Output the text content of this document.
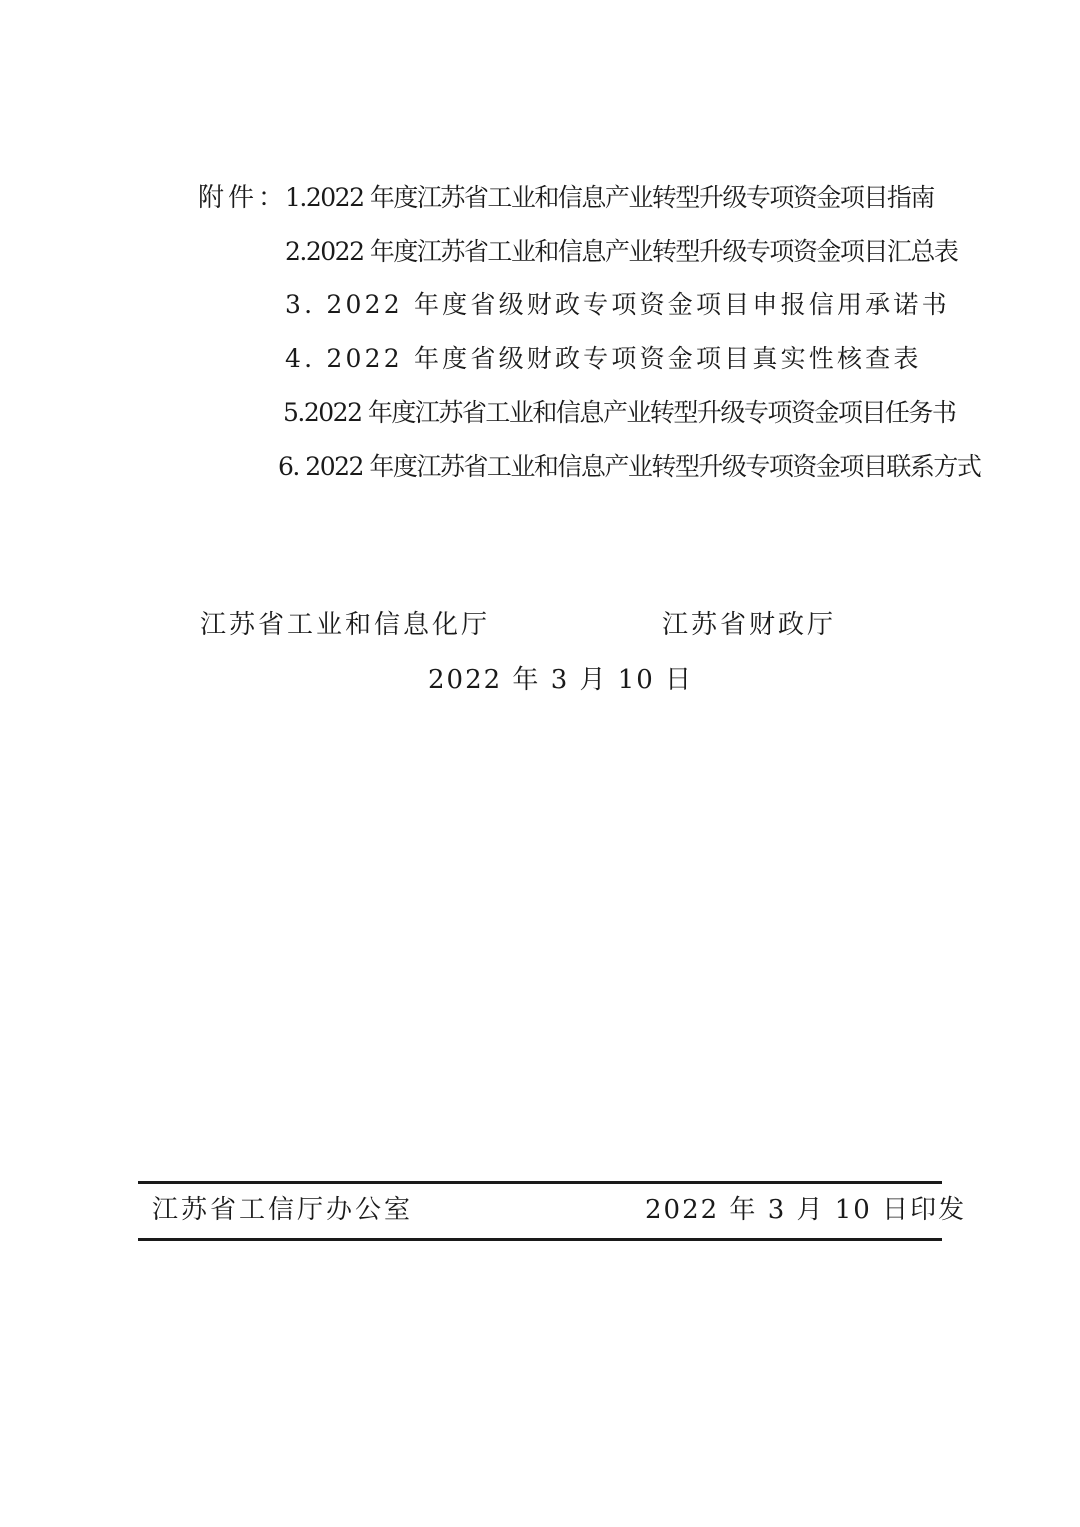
附件：
1.2022 年度江苏省工业和信息产业转型升级专项资金项目指南
2.2022 年度江苏省工业和信息产业转型升级专项资金项目汇总表
3. 2022 年度省级财政专项资金项目申报信用承诺书
4. 2022 年度省级财政专项资金项目真实性核查表
5.2022 年度江苏省工业和信息产业转型升级专项资金项目任务书
6. 2022 年度江苏省工业和信息产业转型升级专项资金项目联系方式
江苏省工业和信息化厅	江苏省财政厅
2022 年 3 月 10 日
江苏省工信厅办公室	2022 年 3 月 10 日印发
